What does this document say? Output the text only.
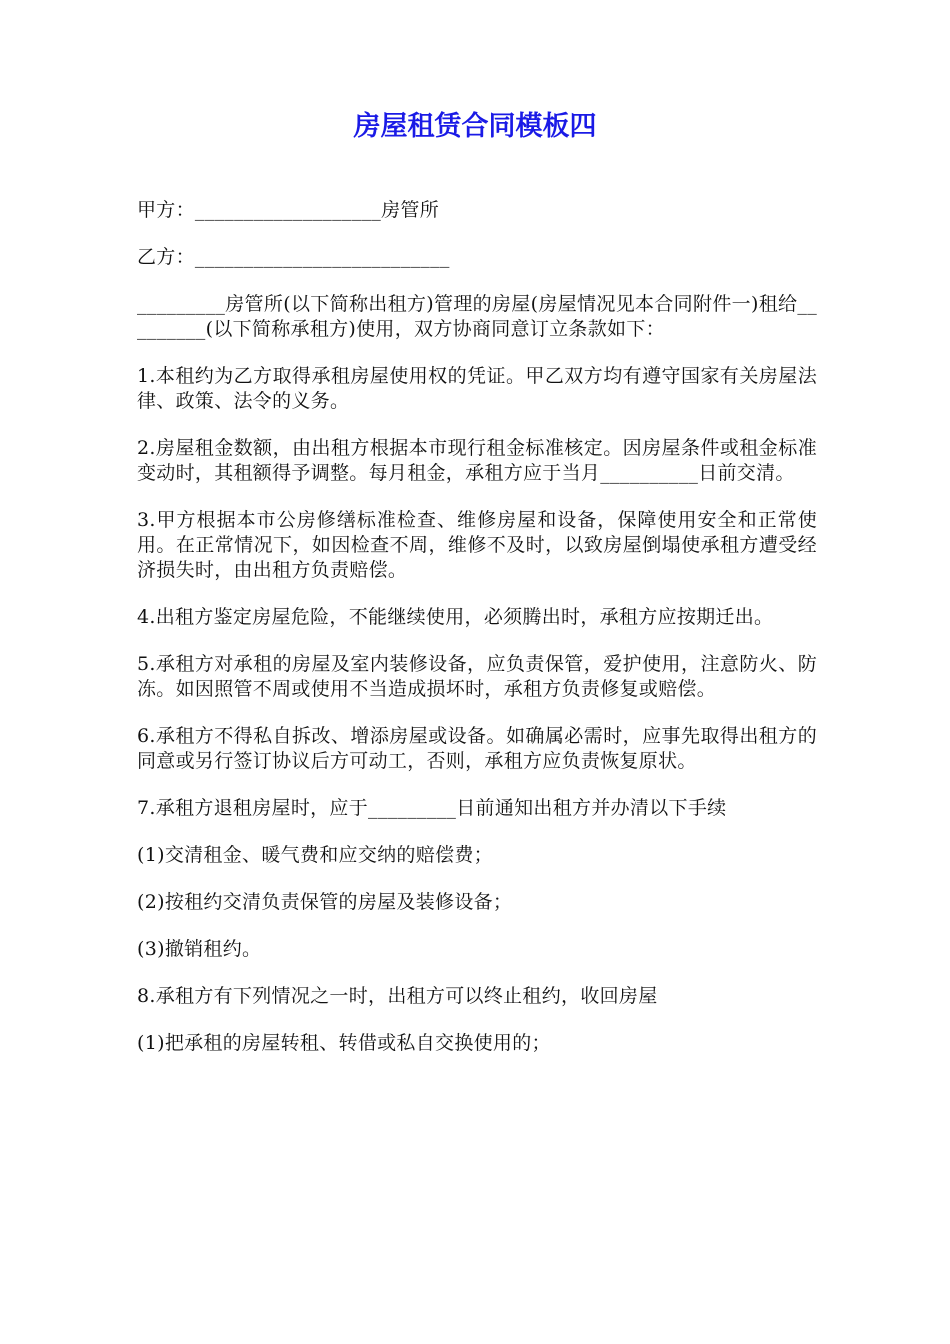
房屋租赁合同模板四

甲方：___________________房管所

乙方：__________________________

_________房管所(以下简称出租方)管理的房屋(房屋情况见本合同附件一)租给_________(以下简称承租方)使用，双方协商同意订立条款如下：

1.本租约为乙方取得承租房屋使用权的凭证。甲乙双方均有遵守国家有关房屋法律、政策、法令的义务。

2.房屋租金数额，由出租方根据本市现行租金标准核定。因房屋条件或租金标准变动时，其租额得予调整。每月租金，承租方应于当月__________日前交清。

3.甲方根据本市公房修缮标准检查、维修房屋和设备，保障使用安全和正常使用。在正常情况下，如因检查不周，维修不及时，以致房屋倒塌使承租方遭受经济损失时，由出租方负责赔偿。

4.出租方鉴定房屋危险，不能继续使用，必须腾出时，承租方应按期迁出。

5.承租方对承租的房屋及室内装修设备，应负责保管，爱护使用，注意防火、防冻。如因照管不周或使用不当造成损坏时，承租方负责修复或赔偿。

6.承租方不得私自拆改、增添房屋或设备。如确属必需时，应事先取得出租方的同意或另行签订协议后方可动工，否则，承租方应负责恢复原状。

7.承租方退租房屋时，应于_________日前通知出租方并办清以下手续

(1)交清租金、暖气费和应交纳的赔偿费；

(2)按租约交清负责保管的房屋及装修设备；

(3)撤销租约。

8.承租方有下列情况之一时，出租方可以终止租约，收回房屋

(1)把承租的房屋转租、转借或私自交换使用的；
